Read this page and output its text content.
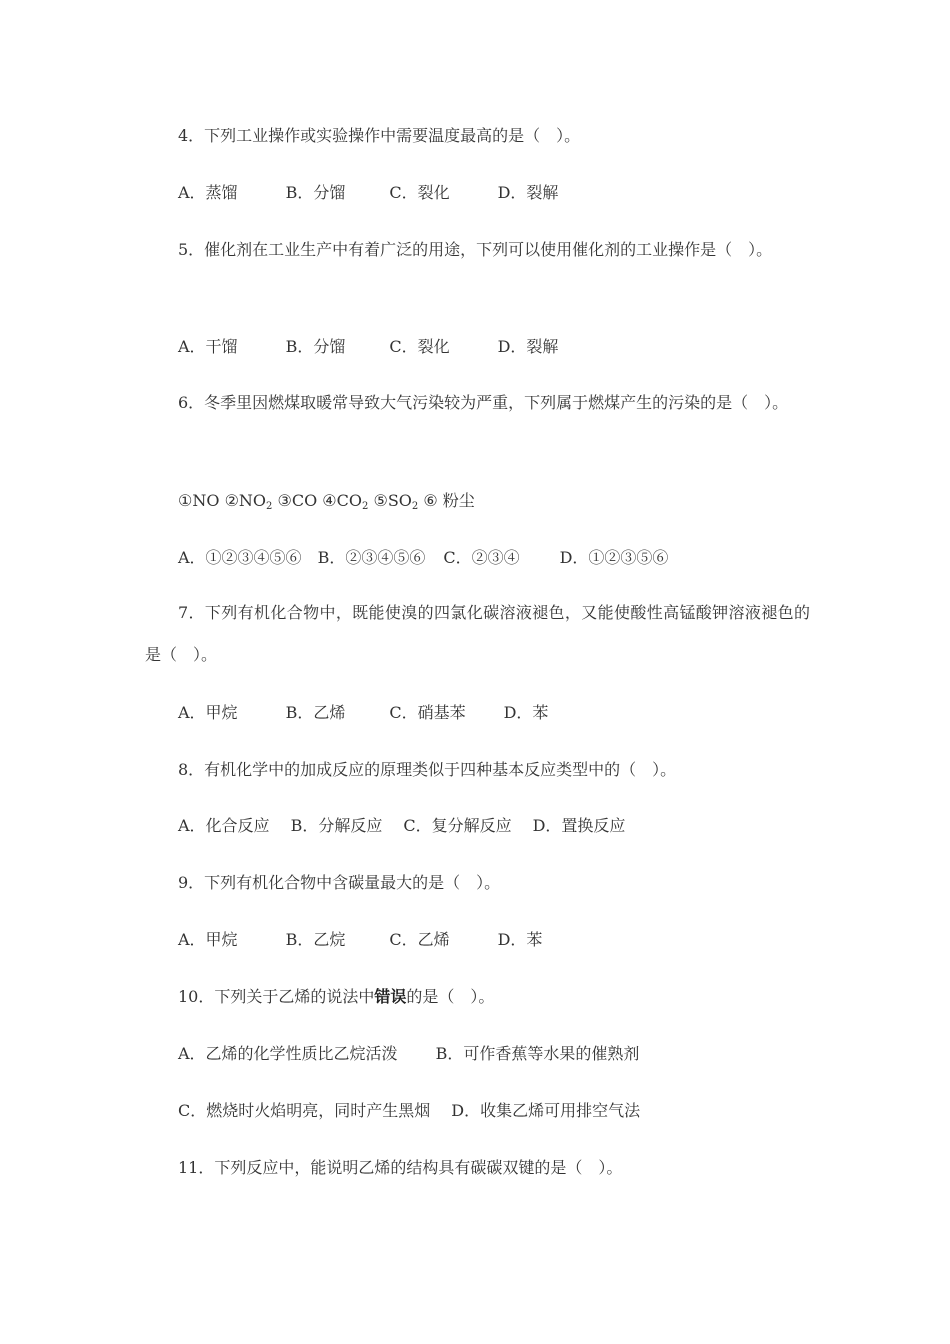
4．下列工业操作或实验操作中需要温度最高的是（　）。
A．蒸馏	B．分馏	C．裂化	D．裂解
5．催化剂在工业生产中有着广泛的用途，下列可以使用催化剂的工业操作是（　）。
A．干馏	B．分馏	C．裂化	D．裂解
6．冬季里因燃煤取暖常导致大气污染较为严重，下列属于燃煤产生的污染的是（　）。
①NO $②NO_2$ ③CO $④CO_2$ $⑤SO_2$ ⑥ 粉尘
A．①②③④⑤⑥ B．②③④⑤⑥ C．②③④	D．①②③⑤⑥
7．下列有机化合物中，既能使溴的四氯化碳溶液褪色，又能使酸性高锰酸钾溶液褪色的是（　）。
A．甲烷	B．乙烯	C．硝基苯 D．苯
8．有机化学中的加成反应的原理类似于四种基本反应类型中的（　）。
A．化合反应 B．分解反应 C．复分解反应 D．置换反应
9．下列有机化合物中含碳量最大的是（　）。
A．甲烷	B．乙烷	C．乙烯	D．苯
10．下列关于乙烯的说法中错误的是（　）。
A．乙烯的化学性质比乙烷活泼 B．可作香蕉等水果的催熟剂
C．燃烧时火焰明亮，同时产生黑烟 D．收集乙烯可用排空气法
11．下列反应中，能说明乙烯的结构具有碳碳双键的是（　）。
